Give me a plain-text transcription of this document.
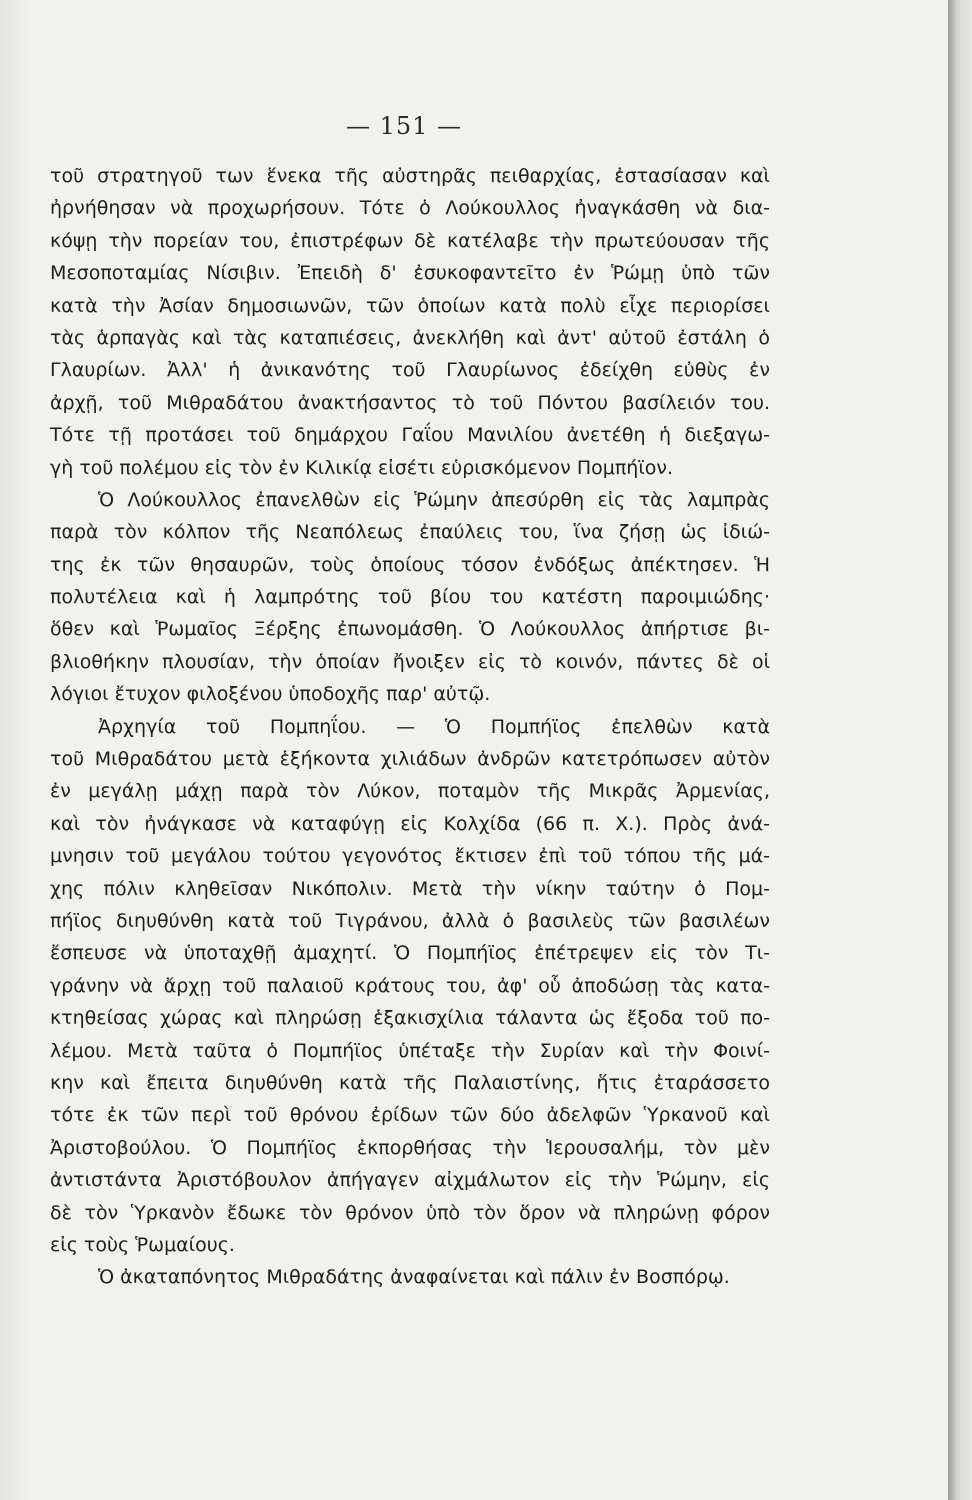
— 151 —
τοῦ στρατηγοῦ των ἕνεκα τῆς αὐστηρᾶς πειθαρχίας, ἐστασίασαν καὶ
ἠρνήθησαν νὰ προχωρήσουν. Τότε ὁ Λούκουλλος ἠναγκάσθη νὰ δια-
κόψῃ τὴν πορείαν του, ἐπιστρέφων δὲ κατέλαβε τὴν πρωτεύουσαν τῆς
Μεσοποταμίας Νίσιβιν. Ἐπειδὴ δ' ἐσυκοφαντεῖτο ἐν Ῥώμῃ ὑπὸ τῶν
κατὰ τὴν Ἀσίαν δημοσιωνῶν, τῶν ὁποίων κατὰ πολὺ εἶχε περιορίσει
τὰς ἁρπαγὰς καὶ τὰς καταπιέσεις, ἀνεκλήθη καὶ ἀντ' αὐτοῦ ἐστάλη ὁ
Γλαυρίων. Ἀλλ' ἡ ἀνικανότης τοῦ Γλαυρίωνος ἐδείχθη εὐθὺς ἐν
ἀρχῇ, τοῦ Μιθραδάτου ἀνακτήσαντος τὸ τοῦ Πόντου βασίλειόν του.
Τότε τῇ προτάσει τοῦ δημάρχου Γαΐου Μανιλίου ἀνετέθη ἡ διεξαγω-
γὴ τοῦ πολέμου εἰς τὸν ἐν Κιλικίᾳ εἰσέτι εὑρισκόμενον Πομπήϊον.
Ὁ Λούκουλλος ἐπανελθὼν εἰς Ῥώμην ἀπεσύρθη εἰς τὰς λαμπρὰς
παρὰ τὸν κόλπον τῆς Νεαπόλεως ἐπαύλεις του, ἵνα ζήσῃ ὡς ἰδιώ-
της ἐκ τῶν θησαυρῶν, τοὺς ὁποίους τόσον ἐνδόξως ἀπέκτησεν. Ἡ
πολυτέλεια καὶ ἡ λαμπρότης τοῦ βίου του κατέστη παροιμιώδης·
ὅθεν καὶ Ῥωμαῖος Ξέρξης ἐπωνομάσθη. Ὁ Λούκουλλος ἀπήρτισε βι-
βλιοθήκην πλουσίαν, τὴν ὁποίαν ἤνοιξεν εἰς τὸ κοινόν, πάντες δὲ οἱ
λόγιοι ἔτυχον φιλοξένου ὑποδοχῆς παρ' αὐτῷ.
Ἀρχηγία τοῦ Πομπηΐου. — Ὁ Πομπήϊος ἐπελθὼν κατὰ
τοῦ Μιθραδάτου μετὰ ἑξήκοντα χιλιάδων ἀνδρῶν κατετρόπωσεν αὐτὸν
ἐν μεγάλῃ μάχῃ παρὰ τὸν Λύκον, ποταμὸν τῆς Μικρᾶς Ἀρμενίας,
καὶ τὸν ἠνάγκασε νὰ καταφύγῃ εἰς Κολχίδα (66 π. Χ.). Πρὸς ἀνά-
μνησιν τοῦ μεγάλου τούτου γεγονότος ἔκτισεν ἐπὶ τοῦ τόπου τῆς μά-
χης πόλιν κληθεῖσαν Νικόπολιν. Μετὰ τὴν νίκην ταύτην ὁ Πομ-
πήϊος διηυθύνθη κατὰ τοῦ Τιγράνου, ἀλλὰ ὁ βασιλεὺς τῶν βασιλέων
ἔσπευσε νὰ ὑποταχθῇ ἀμαχητί. Ὁ Πομπήϊος ἐπέτρεψεν εἰς τὸν Τι-
γράνην νὰ ἄρχῃ τοῦ παλαιοῦ κράτους του, ἀφ' οὗ ἀποδώσῃ τὰς κατα-
κτηθείσας χώρας καὶ πληρώσῃ ἑξακισχίλια τάλαντα ὡς ἔξοδα τοῦ πο-
λέμου. Μετὰ ταῦτα ὁ Πομπήϊος ὑπέταξε τὴν Συρίαν καὶ τὴν Φοινί-
κην καὶ ἔπειτα διηυθύνθη κατὰ τῆς Παλαιστίνης, ἥτις ἐταράσσετο
τότε ἐκ τῶν περὶ τοῦ θρόνου ἐρίδων τῶν δύο ἀδελφῶν Ὑρκανοῦ καὶ
Ἀριστοβούλου. Ὁ Πομπήϊος ἐκπορθήσας τὴν Ἱερουσαλήμ, τὸν μὲν
ἀντιστάντα Ἀριστόβουλον ἀπήγαγεν αἰχμάλωτον εἰς τὴν Ῥώμην, εἰς
δὲ τὸν Ὑρκανὸν ἔδωκε τὸν θρόνον ὑπὸ τὸν ὅρον νὰ πληρώνῃ φόρον
εἰς τοὺς Ῥωμαίους.
Ὁ ἀκαταπόνητος Μιθραδάτης ἀναφαίνεται καὶ πάλιν ἐν Βοσπόρῳ.
